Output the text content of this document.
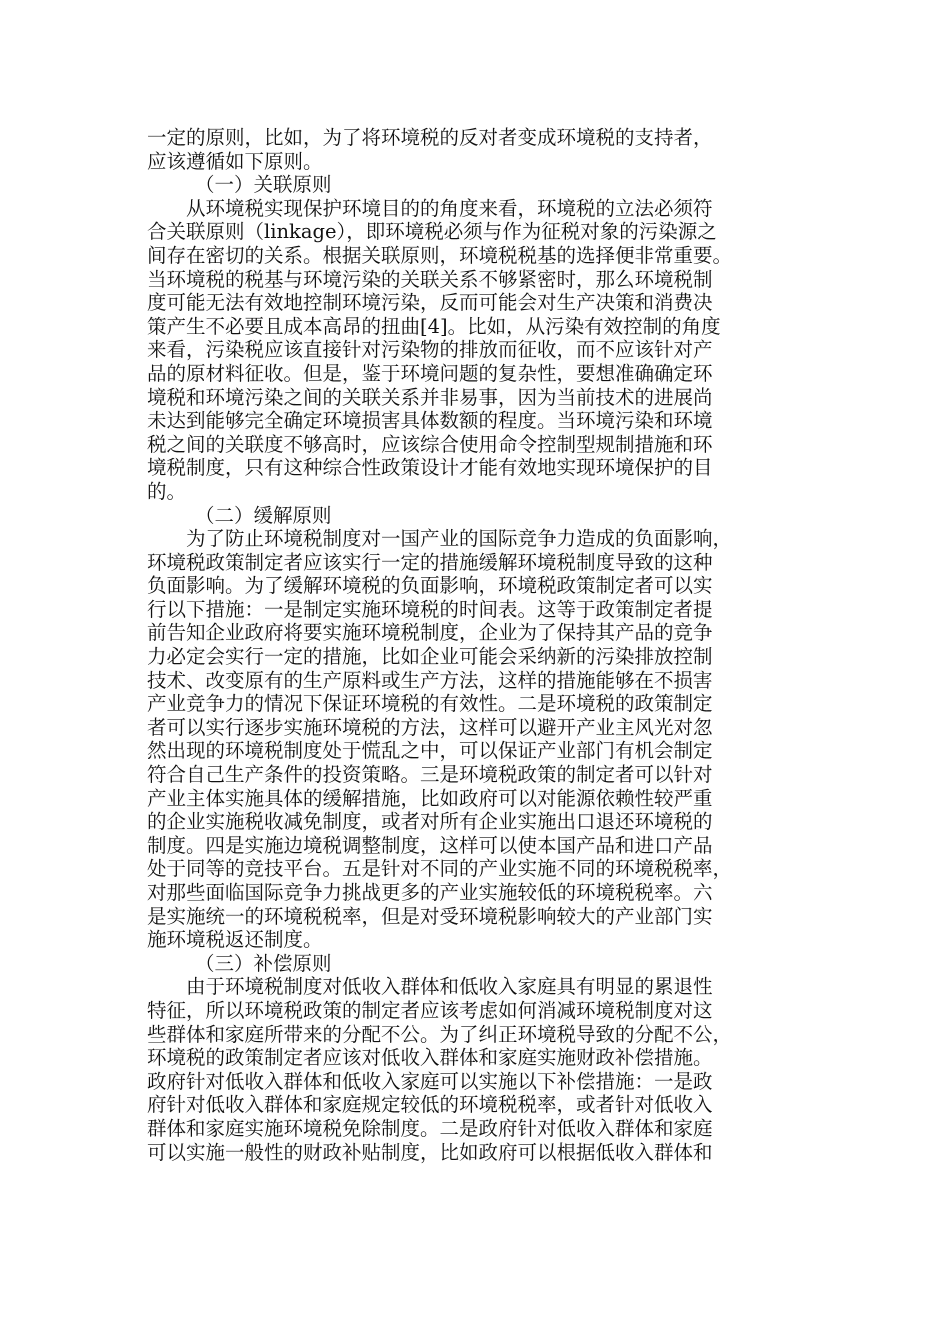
一定的原则，比如，为了将环境税的反对者变成环境税的支持者，
应该遵循如下原则。
（一）关联原则
从环境税实现保护环境目的的角度来看，环境税的立法必须符
合关联原则（linkage），即环境税必须与作为征税对象的污染源之
间存在密切的关系。根据关联原则，环境税税基的选择便非常重要。
当环境税的税基与环境污染的关联关系不够紧密时，那么环境税制
度可能无法有效地控制环境污染，反而可能会对生产决策和消费决
策产生不必要且成本高昂的扭曲[4]。比如，从污染有效控制的角度
来看，污染税应该直接针对污染物的排放而征收，而不应该针对产
品的原材料征收。但是，鉴于环境问题的复杂性，要想准确确定环
境税和环境污染之间的关联关系并非易事，因为当前技术的进展尚
未达到能够完全确定环境损害具体数额的程度。当环境污染和环境
税之间的关联度不够高时，应该综合使用命令控制型规制措施和环
境税制度，只有这种综合性政策设计才能有效地实现环境保护的目
的。
（二）缓解原则
为了防止环境税制度对一国产业的国际竞争力造成的负面影响，
环境税政策制定者应该实行一定的措施缓解环境税制度导致的这种
负面影响。为了缓解环境税的负面影响，环境税政策制定者可以实
行以下措施：一是制定实施环境税的时间表。这等于政策制定者提
前告知企业政府将要实施环境税制度，企业为了保持其产品的竞争
力必定会实行一定的措施，比如企业可能会采纳新的污染排放控制
技术、改变原有的生产原料或生产方法，这样的措施能够在不损害
产业竞争力的情况下保证环境税的有效性。二是环境税的政策制定
者可以实行逐步实施环境税的方法，这样可以避开产业主风光对忽
然出现的环境税制度处于慌乱之中，可以保证产业部门有机会制定
符合自己生产条件的投资策略。三是环境税政策的制定者可以针对
产业主体实施具体的缓解措施，比如政府可以对能源依赖性较严重
的企业实施税收减免制度，或者对所有企业实施出口退还环境税的
制度。四是实施边境税调整制度，这样可以使本国产品和进口产品
处于同等的竞技平台。五是针对不同的产业实施不同的环境税税率，
对那些面临国际竞争力挑战更多的产业实施较低的环境税税率。六
是实施统一的环境税税率，但是对受环境税影响较大的产业部门实
施环境税返还制度。
（三）补偿原则
由于环境税制度对低收入群体和低收入家庭具有明显的累退性
特征，所以环境税政策的制定者应该考虑如何消减环境税制度对这
些群体和家庭所带来的分配不公。为了纠正环境税导致的分配不公，
环境税的政策制定者应该对低收入群体和家庭实施财政补偿措施。
政府针对低收入群体和低收入家庭可以实施以下补偿措施：一是政
府针对低收入群体和家庭规定较低的环境税税率，或者针对低收入
群体和家庭实施环境税免除制度。二是政府针对低收入群体和家庭
可以实施一般性的财政补贴制度，比如政府可以根据低收入群体和
